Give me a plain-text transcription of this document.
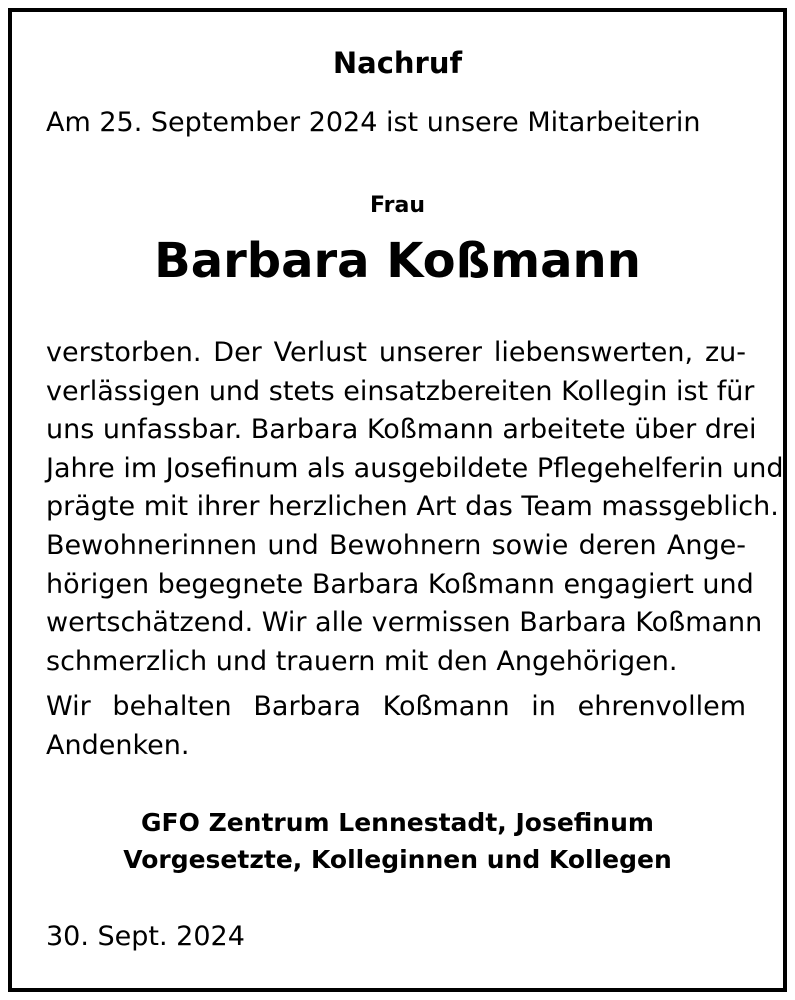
Nachruf

Am 25. September 2024 ist unsere Mitarbeiterin

Frau

Barbara Koßmann
verstorben. Der Verlust unserer liebenswerten, zu-
verlässigen und stets einsatzbereiten Kollegin ist für
uns unfassbar. Barbara Koßmann arbeitete über drei
Jahre im Josefinum als ausgebildete Pflegehelferin und
prägte mit ihrer herzlichen Art das Team massgeblich.
Bewohnerinnen und Bewohnern sowie deren Ange-
hörigen begegnete Barbara Koßmann engagiert und
wertschätzend. Wir alle vermissen Barbara Koßmann
schmerzlich und trauern mit den Angehörigen.
Wir behalten Barbara Koßmann in ehrenvollem
Andenken.
GFO Zentrum Lennestadt, Josefinum
Vorgesetzte, Kolleginnen und Kollegen

30. Sept. 2024
